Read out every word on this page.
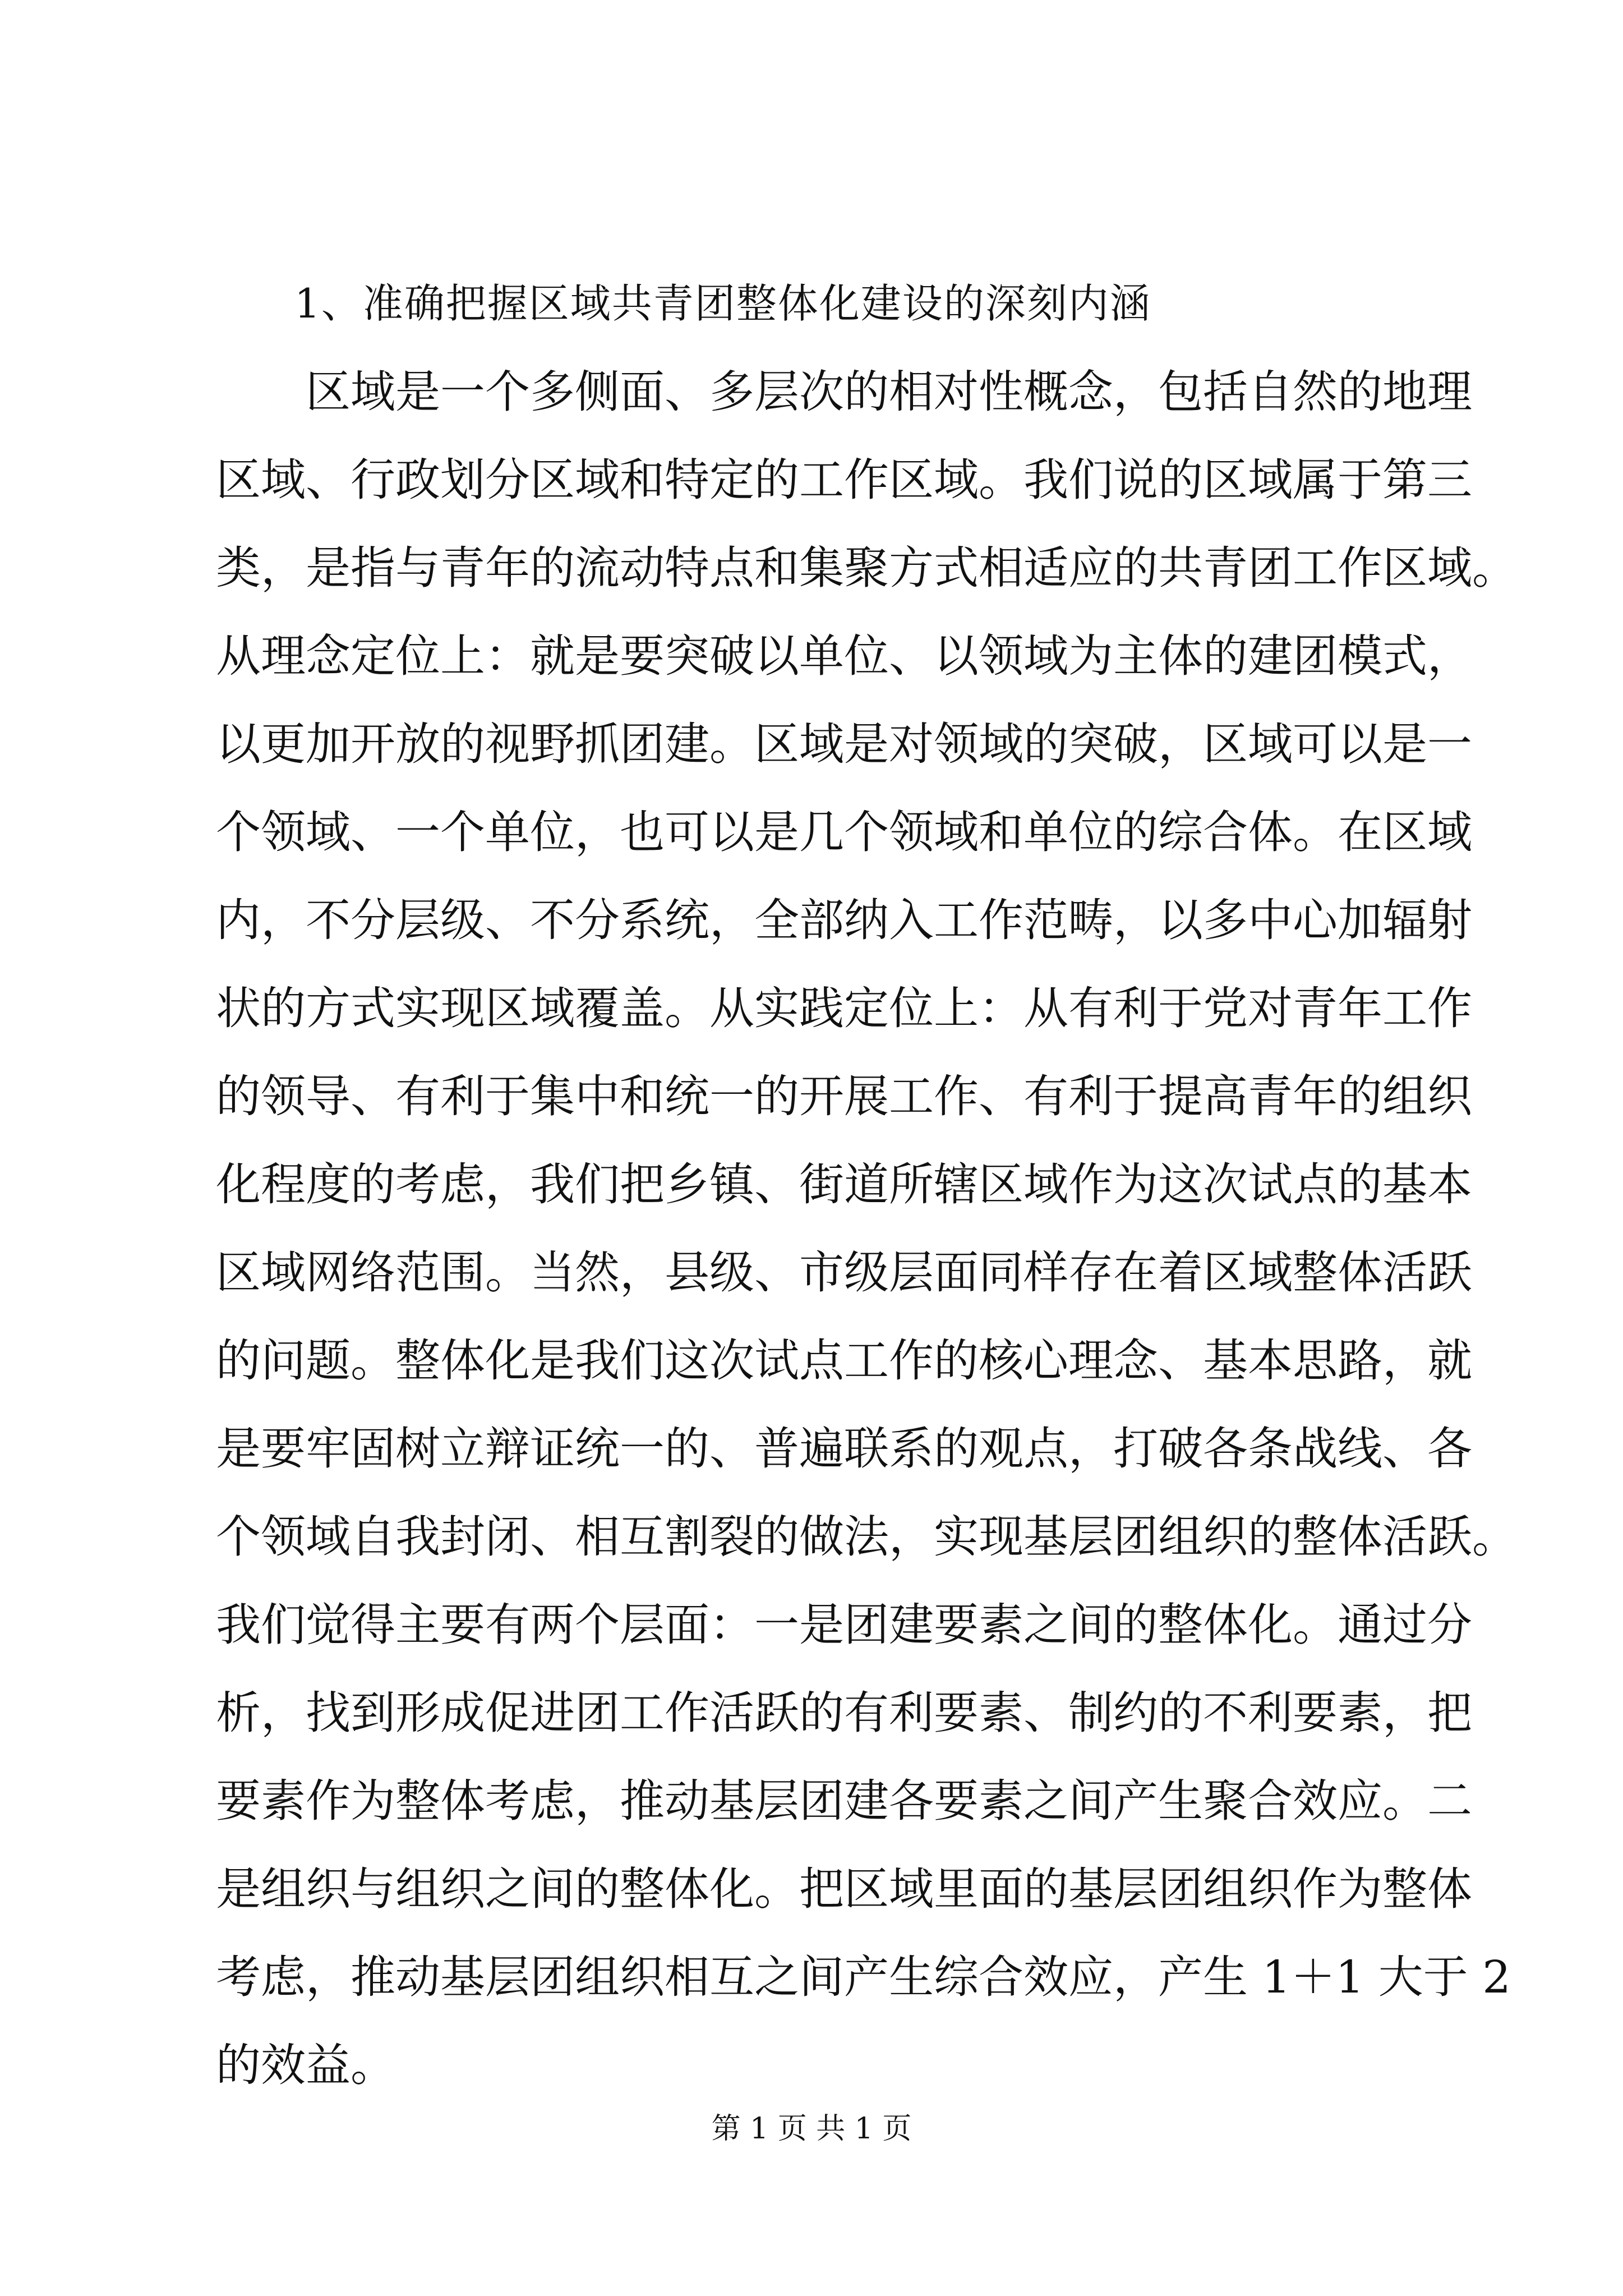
1、准确把握区域共青团整体化建设的深刻内涵

区域是一个多侧面、多层次的相对性概念，包括自然的地理

区域、行政划分区域和特定的工作区域。我们说的区域属于第三

类，是指与青年的流动特点和集聚方式相适应的共青团工作区域。

从理念定位上：就是要突破以单位、以领域为主体的建团模式，

以更加开放的视野抓团建。区域是对领域的突破，区域可以是一

个领域、一个单位，也可以是几个领域和单位的综合体。在区域

内，不分层级、不分系统，全部纳入工作范畴，以多中心加辐射

状的方式实现区域覆盖。从实践定位上：从有利于党对青年工作

的领导、有利于集中和统一的开展工作、有利于提高青年的组织

化程度的考虑，我们把乡镇、街道所辖区域作为这次试点的基本

区域网络范围。当然，县级、市级层面同样存在着区域整体活跃

的问题。整体化是我们这次试点工作的核心理念、基本思路，就

是要牢固树立辩证统一的、普遍联系的观点，打破各条战线、各

个领域自我封闭、相互割裂的做法，实现基层团组织的整体活跃。

我们觉得主要有两个层面：一是团建要素之间的整体化。通过分

析，找到形成促进团工作活跃的有利要素、制约的不利要素，把

要素作为整体考虑，推动基层团建各要素之间产生聚合效应。二

是组织与组织之间的整体化。把区域里面的基层团组织作为整体

考虑，推动基层团组织相互之间产生综合效应，产生 1＋1 大于 2

的效益。

第 1 页 共 1 页
